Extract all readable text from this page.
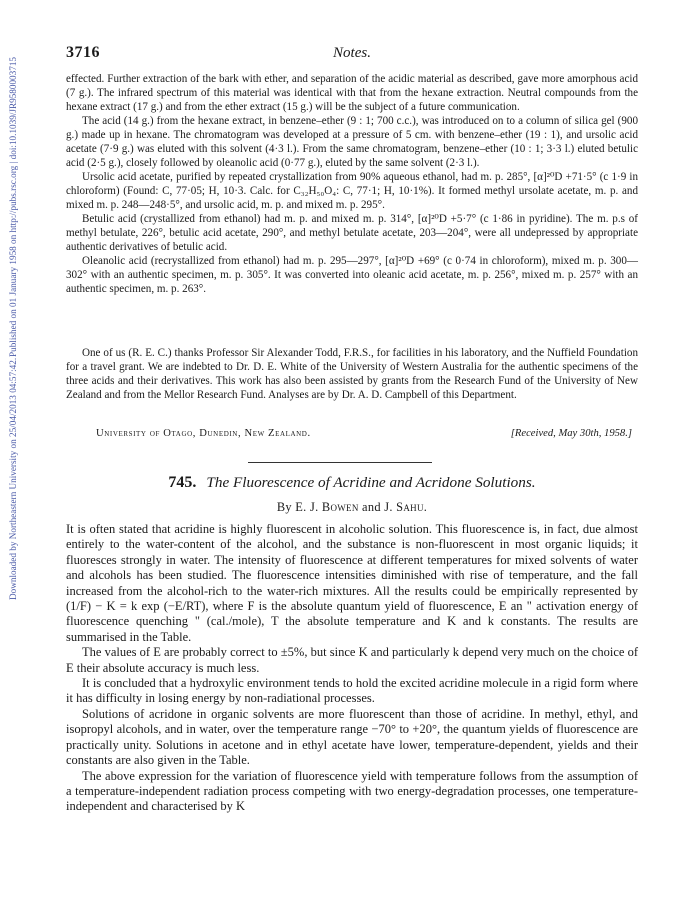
Downloaded by Northeastern University on 25/04/2013 04:57:42.
Published on 01 January 1958 on http://pubs.rsc.org | doi:10.1039/JR9580003715
3716	Notes.

effected. Further extraction of the bark with ether, and separation of the acidic material as described, gave more amorphous acid (7 g.). The infrared spectrum of this material was identical with that from the hexane extraction. Neutral compounds from the hexane extract (17 g.) and from the ether extract (15 g.) will be the subject of a future communication.

The acid (14 g.) from the hexane extract, in benzene–ether (9 : 1; 700 c.c.), was introduced on to a column of silica gel (900 g.) made up in hexane. The chromatogram was developed at a pressure of 5 cm. with benzene–ether (19 : 1), and ursolic acid acetate (7·9 g.) was eluted with this solvent (4·3 l.). From the same chromatogram, benzene–ether (10 : 1; 3·3 l.) eluted betulic acid (2·5 g.), closely followed by oleanolic acid (0·77 g.), eluted by the same solvent (2·3 l.).

Ursolic acid acetate, purified by repeated crystallization from 90% aqueous ethanol, had m. p. 285°, [α]²⁰D +71·5° (c 1·9 in chloroform) (Found: C, 77·05; H, 10·3. Calc. for C₃₂H₅₀O₄: C, 77·1; H, 10·1%). It formed methyl ursolate acetate, m. p. and mixed m. p. 248—248·5°, and ursolic acid, m. p. and mixed m. p. 295°.

Betulic acid (crystallized from ethanol) had m. p. and mixed m. p. 314°, [α]²⁰D +5·7° (c 1·86 in pyridine). The m. p.s of methyl betulate, 226°, betulic acid acetate, 290°, and methyl betulate acetate, 203—204°, were all undepressed by appropriate authentic derivatives of betulic acid.

Oleanolic acid (recrystallized from ethanol) had m. p. 295—297°, [α]²⁰D +69° (c 0·74 in chloroform), mixed m. p. 300—302° with an authentic specimen, m. p. 305°. It was converted into oleanic acid acetate, m. p. 256°, mixed m. p. 257° with an authentic specimen, m. p. 263°.

One of us (R. E. C.) thanks Professor Sir Alexander Todd, F.R.S., for facilities in his laboratory, and the Nuffield Foundation for a travel grant. We are indebted to Dr. D. E. White of the University of Western Australia for the authentic specimens of the three acids and their derivatives. This work has also been assisted by grants from the Research Fund of the University of New Zealand and from the Mellor Research Fund. Analyses are by Dr. A. D. Campbell of this Department.

University of Otago, Dunedin, New Zealand.	[Received, May 30th, 1958.]
745. The Fluorescence of Acridine and Acridone Solutions.
By E. J. Bowen and J. Sahu.

It is often stated that acridine is highly fluorescent in alcoholic solution. This fluorescence is, in fact, due almost entirely to the water-content of the alcohol, and the substance is non-fluorescent in most organic liquids; it fluoresces strongly in water. The intensity of fluorescence at different temperatures for mixed solvents of water and alcohols has been studied. The fluorescence intensities diminished with rise of temperature, and the fall increased from the alcohol-rich to the water-rich mixtures. All the results could be empirically represented by (1/F) − K = k exp (−E/RT), where F is the absolute quantum yield of fluorescence, E an " activation energy of fluorescence quenching " (cal./mole), T the absolute temperature and K and k constants. The results are summarised in the Table.

The values of E are probably correct to ±5%, but since K and particularly k depend very much on the choice of E their absolute accuracy is much less.

It is concluded that a hydroxylic environment tends to hold the excited acridine molecule in a rigid form where it has difficulty in losing energy by non-radiational processes.

Solutions of acridone in organic solvents are more fluorescent than those of acridine. In methyl, ethyl, and isopropyl alcohols, and in water, over the temperature range −70° to +20°, the quantum yields of fluorescence are practically unity. Solutions in acetone and in ethyl acetate have lower, temperature-dependent, yields and their constants are also given in the Table.

The above expression for the variation of fluorescence yield with temperature follows from the assumption of a temperature-independent radiation process competing with two energy-degradation processes, one temperature-independent and characterised by K
